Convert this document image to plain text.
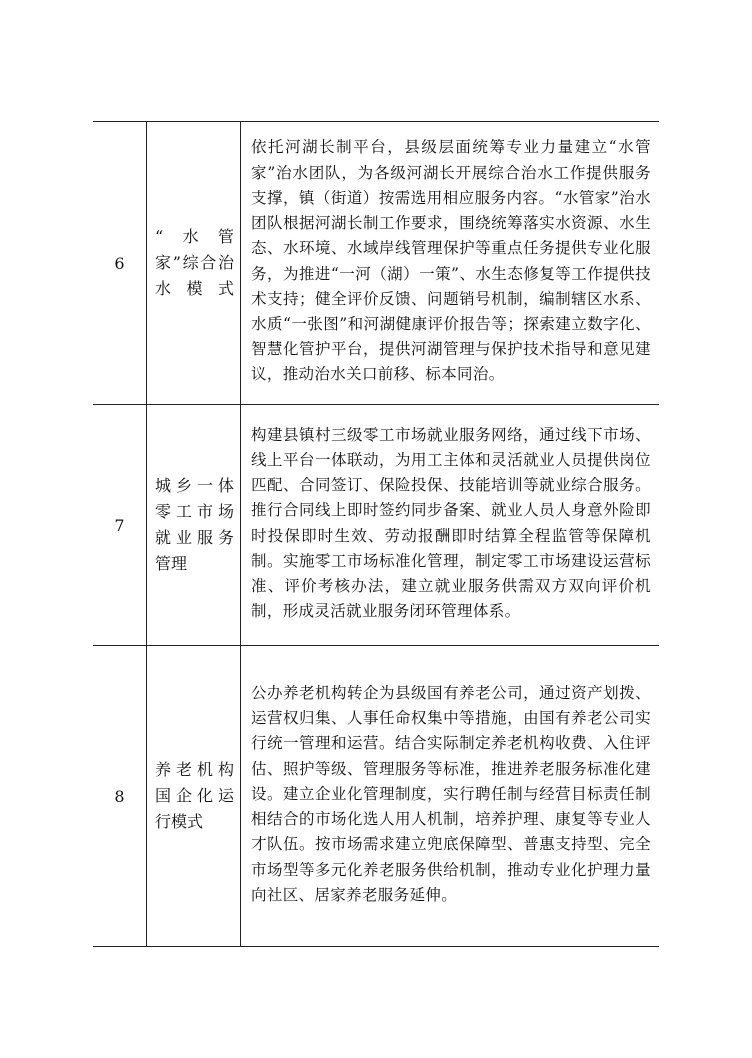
6	“水管家”综合治水模式	依托河湖长制平台，县级层面统筹专业力量建立“水管家”治水团队，为各级河湖长开展综合治水工作提供服务支撑，镇（街道）按需选用相应服务内容。“水管家”治水团队根据河湖长制工作要求，围绕统筹落实水资源、水生态、水环境、水域岸线管理保护等重点任务提供专业化服务，为推进“一河（湖）一策”、水生态修复等工作提供技术支持；健全评价反馈、问题销号机制，编制辖区水系、水质“一张图”和河湖健康评价报告等；探索建立数字化、智慧化管护平台，提供河湖管理与保护技术指导和意见建议，推动治水关口前移、标本同治。

7	城乡一体零工市场就业服务管理	构建县镇村三级零工市场就业服务网络，通过线下市场、线上平台一体联动，为用工主体和灵活就业人员提供岗位匹配、合同签订、保险投保、技能培训等就业综合服务。推行合同线上即时签约同步备案、就业人员人身意外险即时投保即时生效、劳动报酬即时结算全程监管等保障机制。实施零工市场标准化管理，制定零工市场建设运营标准、评价考核办法，建立就业服务供需双方双向评价机制，形成灵活就业服务闭环管理体系。

8	养老机构国企化运行模式	公办养老机构转企为县级国有养老公司，通过资产划拨、运营权归集、人事任命权集中等措施，由国有养老公司实行统一管理和运营。结合实际制定养老机构收费、入住评估、照护等级、管理服务等标准，推进养老服务标准化建设。建立企业化管理制度，实行聘任制与经营目标责任制相结合的市场化选人用人机制，培养护理、康复等专业人才队伍。按市场需求建立兜底保障型、普惠支持型、完全市场型等多元化养老服务供给机制，推动专业化护理力量向社区、居家养老服务延伸。
